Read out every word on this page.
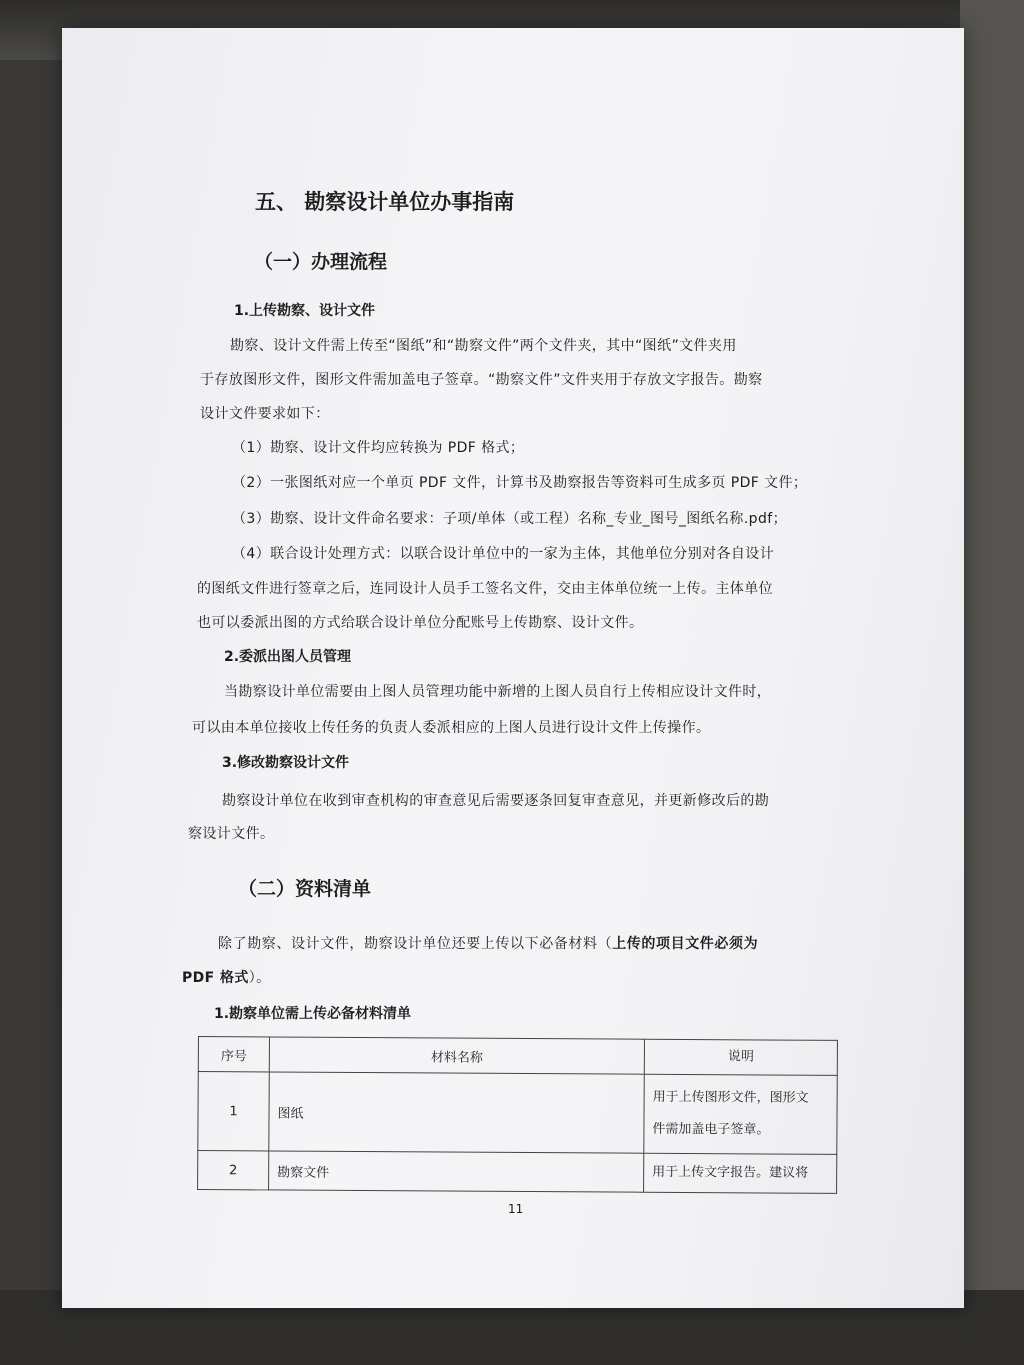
五、 勘察设计单位办事指南
（一）办理流程
1.上传勘察、设计文件
勘察、设计文件需上传至“图纸”和“勘察文件”两个文件夹，其中“图纸”文件夹用
于存放图形文件，图形文件需加盖电子签章。“勘察文件”文件夹用于存放文字报告。勘察
设计文件要求如下：
（1）勘察、设计文件均应转换为 PDF 格式；
（2）一张图纸对应一个单页 PDF 文件，计算书及勘察报告等资料可生成多页 PDF 文件；
（3）勘察、设计文件命名要求：子项/单体（或工程）名称_专业_图号_图纸名称.pdf；
（4）联合设计处理方式：以联合设计单位中的一家为主体，其他单位分别对各自设计
的图纸文件进行签章之后，连同设计人员手工签名文件，交由主体单位统一上传。主体单位
也可以委派出图的方式给联合设计单位分配账号上传勘察、设计文件。
2.委派出图人员管理
当勘察设计单位需要由上图人员管理功能中新增的上图人员自行上传相应设计文件时，
可以由本单位接收上传任务的负责人委派相应的上图人员进行设计文件上传操作。
3.修改勘察设计文件
勘察设计单位在收到审查机构的审查意见后需要逐条回复审查意见，并更新修改后的勘
察设计文件。
（二）资料清单
除了勘察、设计文件，勘察设计单位还要上传以下必备材料（上传的项目文件必须为
PDF 格式）。
1.勘察单位需上传必备材料清单
序号	材料名称	说明
1	图纸	用于上传图形文件，图形文
件需加盖电子签章。

2	勘察文件	用于上传文字报告。建议将
11
